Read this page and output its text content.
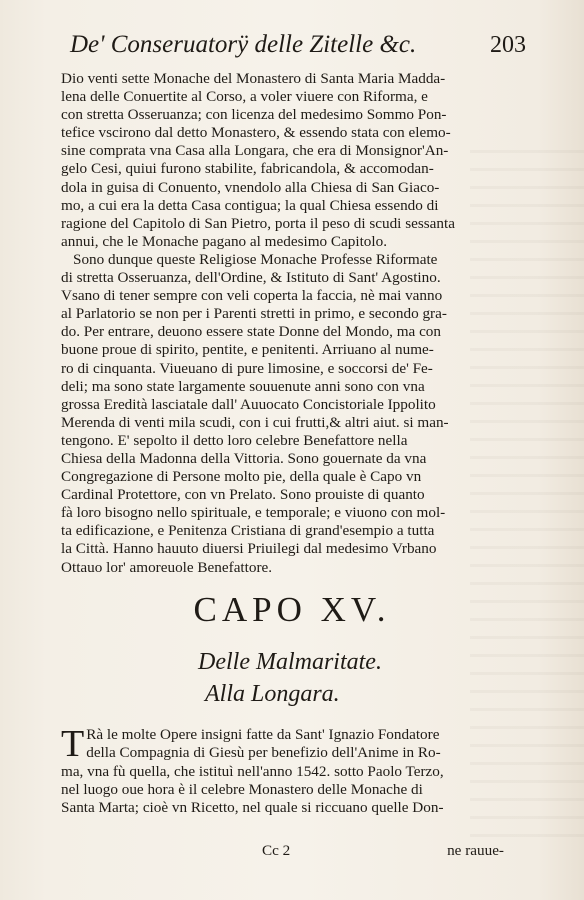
De' Conseruatorÿ delle Zitelle &c.	203
Dio venti sette Monache del Monastero di Santa Maria Madda-
lena delle Conuertite al Corso, a voler viuere con Riforma, e
con stretta Osseruanza; con licenza del medesimo Sommo Pon-
tefice vscirono dal detto Monastero, & essendo stata con elemo-
sine comprata vna Casa alla Longara, che era di Monsignor'An-
gelo Cesi, quiui furono stabilite, fabricandola, & accomodan-
dola in guisa di Conuento, vnendolo alla Chiesa di San Giaco-
mo, a cui era la detta Casa contigua; la qual Chiesa essendo di
ragione del Capitolo di San Pietro, porta il peso di scudi sessanta
annui, che le Monache pagano al medesimo Capitolo.
Sono dunque queste Religiose Monache Professe Riformate
di stretta Osseruanza, dell'Ordine, & Istituto di Sant' Agostino.
Vsano di tener sempre con veli coperta la faccia, nè mai vanno
al Parlatorio se non per i Parenti stretti in primo, e secondo gra-
do. Per entrare, deuono essere state Donne del Mondo, ma con
buone proue di spirito, pentite, e penitenti. Arriuano al nume-
ro di cinquanta. Viueuano di pure limosine, e soccorsi de' Fe-
deli; ma sono state largamente souuenute anni sono con vna
grossa Eredità lasciatale dall' Auuocato Concistoriale Ippolito
Merenda di venti mila scudi, con i cui frutti,& altri aiut. si man-
tengono. E' sepolto il detto loro celebre Benefattore nella
Chiesa della Madonna della Vittoria. Sono gouernate da vna
Congregazione di Persone molto pie, della quale è Capo vn
Cardinal Protettore, con vn Prelato. Sono prouiste di quanto
fà loro bisogno nello spirituale, e temporale; e viuono con mol-
ta edificazione, e Penitenza Cristiana di grand'esempio a tutta
la Città. Hanno hauuto diuersi Priuilegi dal medesimo Vrbano
Ottauo lor' amoreuole Benefattore.
CAPO XV.
Delle Malmaritate.
Alla Longara.
T Rà le molte Opere insigni fatte da Sant' Ignazio Fondatore
della Compagnia di Giesù per benefizio dell'Anime in Ro-
ma, vna fù quella, che istituì nell'anno 1542. sotto Paolo Terzo,
nel luogo oue hora è il celebre Monastero delle Monache di
Santa Marta; cioè vn Ricetto, nel quale si riccuano quelle Don-
Cc 2	ne rauue-
